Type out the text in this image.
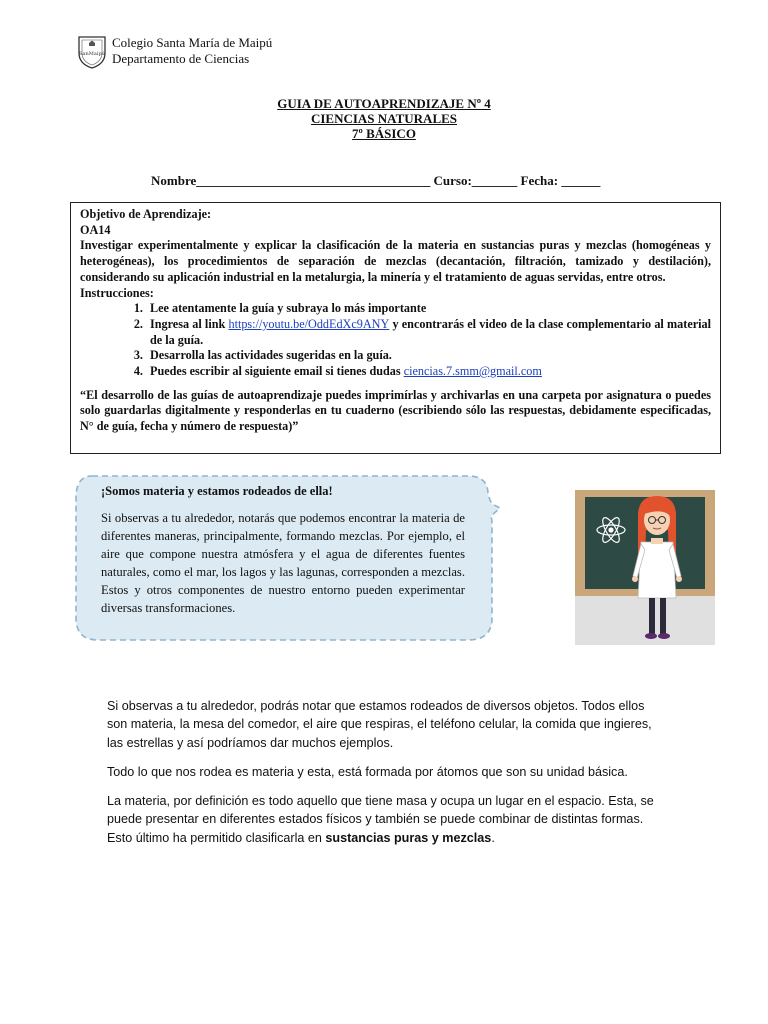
SanMaipú
Colegio Santa María de Maipú
Departamento de Ciencias
GUIA DE AUTOAPRENDIZAJE Nº 4
CIENCIAS NATURALES
7º BÁSICO
Nombre____________________________________ Curso:_______ Fecha: ______

Objetivo de Aprendizaje:

OA14

Investigar experimentalmente y explicar la clasificación de la materia en sustancias puras y mezclas (homogéneas y heterogéneas), los procedimientos de separación de mezclas (decantación, filtración, tamizado y destilación), considerando su aplicación industrial en la metalurgia, la minería y el tratamiento de aguas servidas, entre otros.

Instrucciones:

1. Lee atentamente la guía y subraya lo más importante
2. Ingresa al link https://youtu.be/OddEdXc9ANY y encontrarás el video de la clase complementario al material de la guía.
3. Desarrolla las actividades sugeridas en la guía.
4. Puedes escribir al siguiente email si tienes dudas ciencias.7.smm@gmail.com

“El desarrollo de las guías de autoaprendizaje puedes imprimírlas y archivarlas en una carpeta por asignatura o puedes solo guardarlas digitalmente y responderlas en tu cuaderno (escribiendo sólo las respuestas, debidamente especificadas, N° de guía, fecha y número de respuesta)”

¡Somos materia y estamos rodeados de ella!
Si observas a tu alrededor, notarás que podemos encontrar la materia de diferentes maneras, principalmente, formando mezclas. Por ejemplo, el aire que compone nuestra atmósfera y el agua de diferentes fuentes naturales, como el mar, los lagos y las lagunas, corresponden a mezclas. Estos y otros componentes de nuestro entorno pueden experimentar diversas transformaciones.

Si observas a tu alrededor, podrás notar que estamos rodeados de diversos objetos. Todos ellos son materia, la mesa del comedor, el aire que respiras, el teléfono celular, la comida que ingieres, las estrellas y así podríamos dar muchos ejemplos.

Todo lo que nos rodea es materia y esta, está formada por átomos que son su unidad básica.

La materia, por definición es todo aquello que tiene masa y ocupa un lugar en el espacio. Esta, se puede presentar en diferentes estados físicos y también se puede combinar de distintas formas. Esto último ha permitido clasificarla en sustancias puras y mezclas.
